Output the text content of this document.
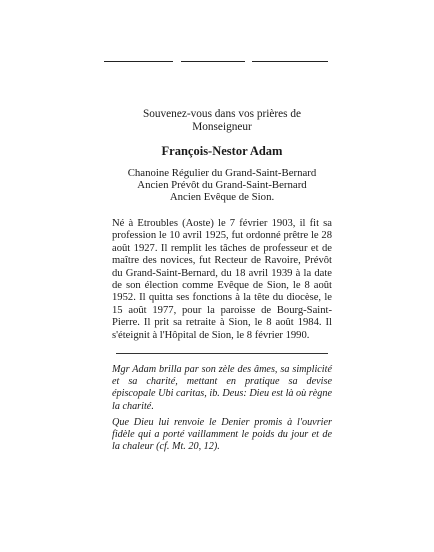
Souvenez-vous dans vos prières de

Monseigneur

François-Nestor Adam

Chanoine Régulier du Grand-Saint-Bernard

Ancien Prévôt du Grand-Saint-Bernard

Ancien Evêque de Sion.

Né à Etroubles (Aoste) le 7 février 1903, il fit sa profession le 10 avril 1925, fut ordonné prêtre le 28 août 1927. Il remplit les tâches de professeur et de maître des novices, fut Recteur de Ravoire, Prévôt du Grand-Saint-Bernard, du 18 avril 1939 à la date de son élection comme Evêque de Sion, le 8 août 1952. Il quitta ses fonctions à la tête du diocèse, le 15 août 1977, pour la paroisse de Bourg-Saint-Pierre. Il prit sa retraite à Sion, le 8 août 1984. Il s'éteignit à l'Hôpital de Sion, le 8 février 1990.

Mgr Adam brilla par son zèle des âmes, sa simplicité et sa charité, mettant en pratique sa devise épiscopale Ubi caritas, ib. Deus: Dieu est là où règne la charité.

Que Dieu lui renvoie le Denier promis à l'ouvrier fidèle qui a porté vaillamment le poids du jour et de la chaleur (cf. Mt. 20, 12).
